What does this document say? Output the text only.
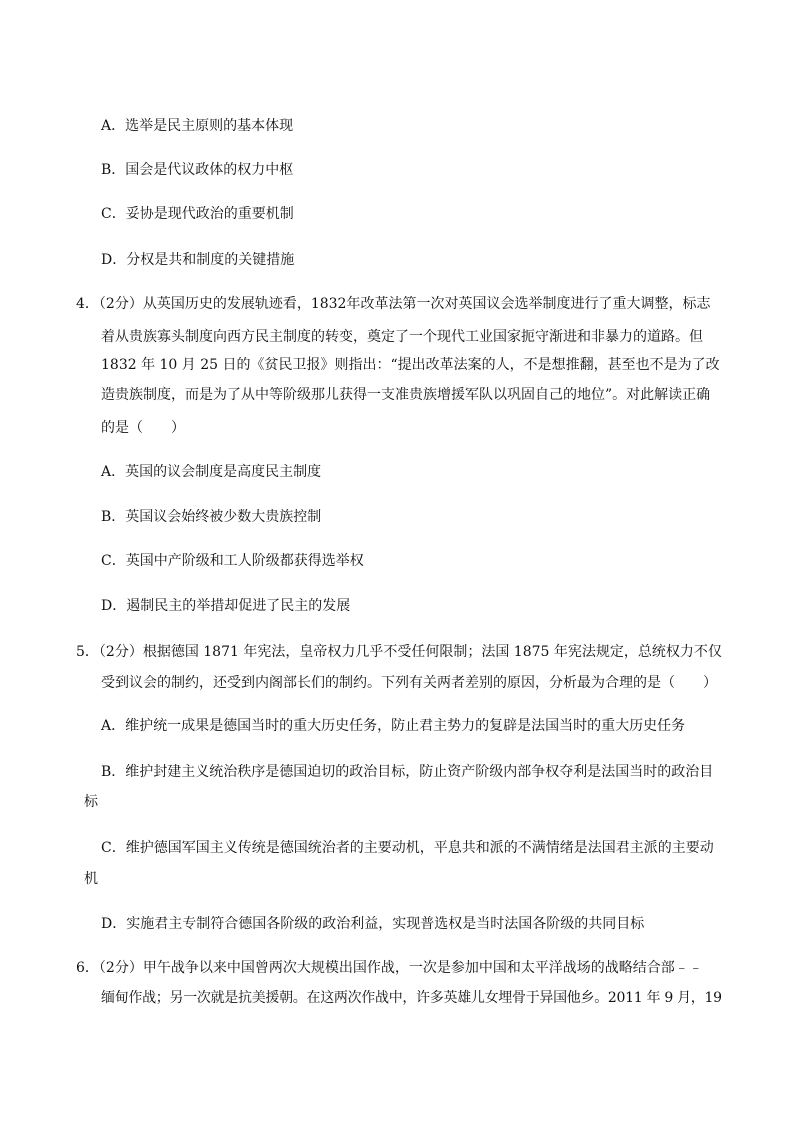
A．选举是民主原则的基本体现
B．国会是代议政体的权力中枢
C．妥协是现代政治的重要机制
D．分权是共和制度的关键措施
4．（2分）从英国历史的发展轨迹看，1832年改革法第一次对英国议会选举制度进行了重大调整，标志
着从贵族寡头制度向西方民主制度的转变，奠定了一个现代工业国家扼守渐进和非暴力的道路。但
1832 年 10 月 25 日的《贫民卫报》则指出：“提出改革法案的人，不是想推翻，甚至也不是为了改
造贵族制度，而是为了从中等阶级那儿获得一支准贵族增援军队以巩固自己的地位”。对此解读正确
的是（　　）
A．英国的议会制度是高度民主制度
B．英国议会始终被少数大贵族控制
C．英国中产阶级和工人阶级都获得选举权
D．遏制民主的举措却促进了民主的发展
5．（2分）根据德国 1871 年宪法，皇帝权力几乎不受任何限制；法国 1875 年宪法规定，总统权力不仅
受到议会的制约，还受到内阁部长们的制约。下列有关两者差别的原因，分析最为合理的是（　　）
A．维护统一成果是德国当时的重大历史任务，防止君主势力的复辟是法国当时的重大历史任务
B．维护封建主义统治秩序是德国迫切的政治目标，防止资产阶级内部争权夺利是法国当时的政治目
标
C．维护德国军国主义传统是德国统治者的主要动机，平息共和派的不满情绪是法国君主派的主要动
机
D．实施君主专制符合德国各阶级的政治利益，实现普选权是当时法国各阶级的共同目标
6．（2分）甲午战争以来中国曾两次大规模出国作战，一次是参加中国和太平洋战场的战略结合部﹣﹣
缅甸作战；另一次就是抗美援朝。在这两次作战中，许多英雄儿女埋骨于异国他乡。2011 年 9 月，19
